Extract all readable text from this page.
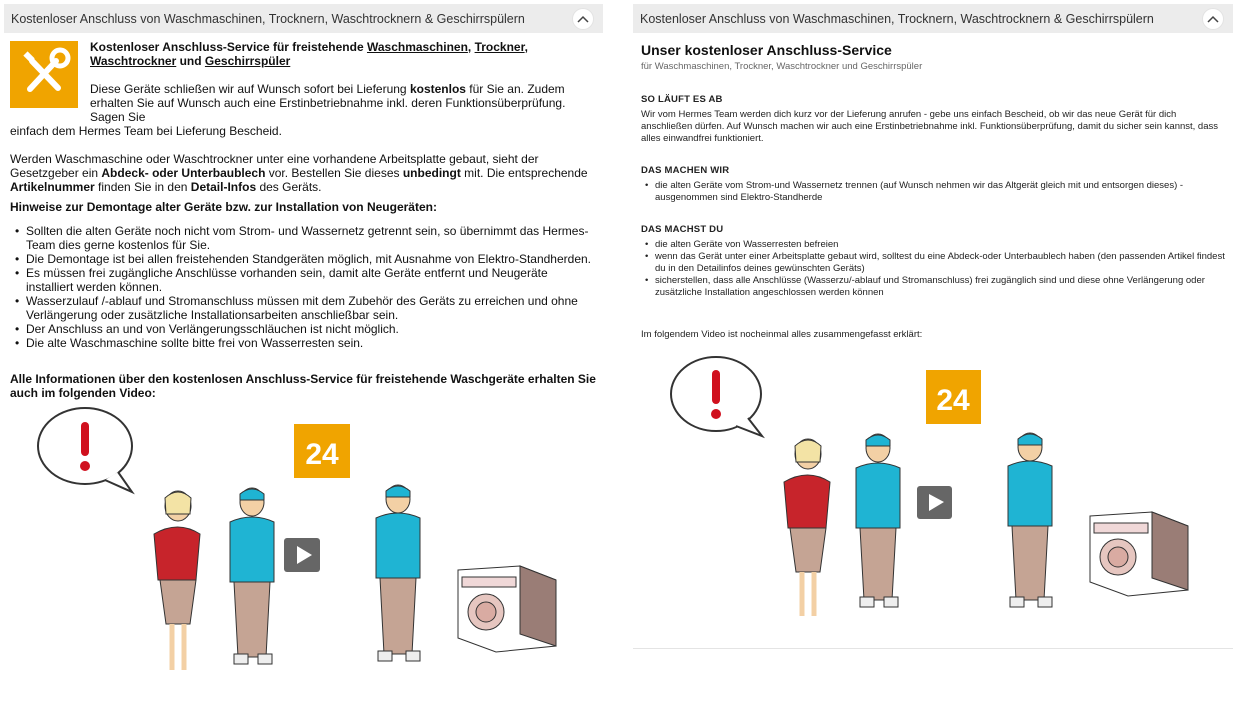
Kostenloser Anschluss von Waschmaschinen, Trocknern, Waschtrocknern & Geschirrspülern
Kostenloser Anschluss-Service für freistehende Waschmaschinen, Trockner, Waschtrockner und Geschirrspüler
Diese Geräte schließen wir auf Wunsch sofort bei Lieferung kostenlos für Sie an. Zudem erhalten Sie auf Wunsch auch eine Erstinbetriebnahme inkl. deren Funktionsüberprüfung. Sagen Sie
einfach dem Hermes Team bei Lieferung Bescheid.
Werden Waschmaschine oder Waschtrockner unter eine vorhandene Arbeitsplatte gebaut, sieht der Gesetzgeber ein Abdeck- oder Unterbaublech vor. Bestellen Sie dieses unbedingt mit. Die entsprechende Artikelnummer finden Sie in den Detail-Infos des Geräts.
Hinweise zur Demontage alter Geräte bzw. zur Installation von Neugeräten:
• Sollten die alten Geräte noch nicht vom Strom- und Wassernetz getrennt sein, so übernimmt das Hermes-Team dies gerne kostenlos für Sie.
• Die Demontage ist bei allen freistehenden Standgeräten möglich, mit Ausnahme von Elektro-Standherden.
• Es müssen frei zugängliche Anschlüsse vorhanden sein, damit alte Geräte entfernt und Neugeräte installiert werden können.
• Wasserzulauf /-ablauf und Stromanschluss müssen mit dem Zubehör des Geräts zu erreichen und ohne Verlängerung oder zusätzliche Installationsarbeiten anschließbar sein.
• Der Anschluss an und von Verlängerungsschläuchen ist nicht möglich.
• Die alte Waschmaschine sollte bitte frei von Wasserresten sein.
Alle Informationen über den kostenlosen Anschluss-Service für freistehende Waschgeräte erhalten Sie auch im folgenden Video:
24
Kostenloser Anschluss von Waschmaschinen, Trocknern, Waschtrocknern & Geschirrspülern
Unser kostenloser Anschluss-Service
für Waschmaschinen, Trockner, Waschtrockner und Geschirrspüler
SO LÄUFT ES AB
Wir vom Hermes Team werden dich kurz vor der Lieferung anrufen - gebe uns einfach Bescheid, ob wir das neue Gerät für dich anschließen dürfen. Auf Wunsch machen wir auch eine Erstinbetriebnahme inkl. Funktionsüberprüfung, damit du sicher sein kannst, dass alles einwandfrei funktioniert.
DAS MACHEN WIR
• die alten Geräte vom Strom-und Wassernetz trennen (auf Wunsch nehmen wir das Altgerät gleich mit und entsorgen dieses) - ausgenommen sind Elektro-Standherde
DAS MACHST DU
• die alten Geräte von Wasserresten befreien
• wenn das Gerät unter einer Arbeitsplatte gebaut wird, solltest du eine Abdeck-oder Unterbaublech haben (den passenden Artikel findest du in den Detailinfos deines gewünschten Geräts)
• sicherstellen, dass alle Anschlüsse (Wasserzu/-ablauf und Stromanschluss) frei zugänglich sind und diese ohne Verlängerung oder zusätzliche Installation angeschlossen werden können
Im folgendem Video ist nocheinmal alles zusammengefasst erklärt:
24
